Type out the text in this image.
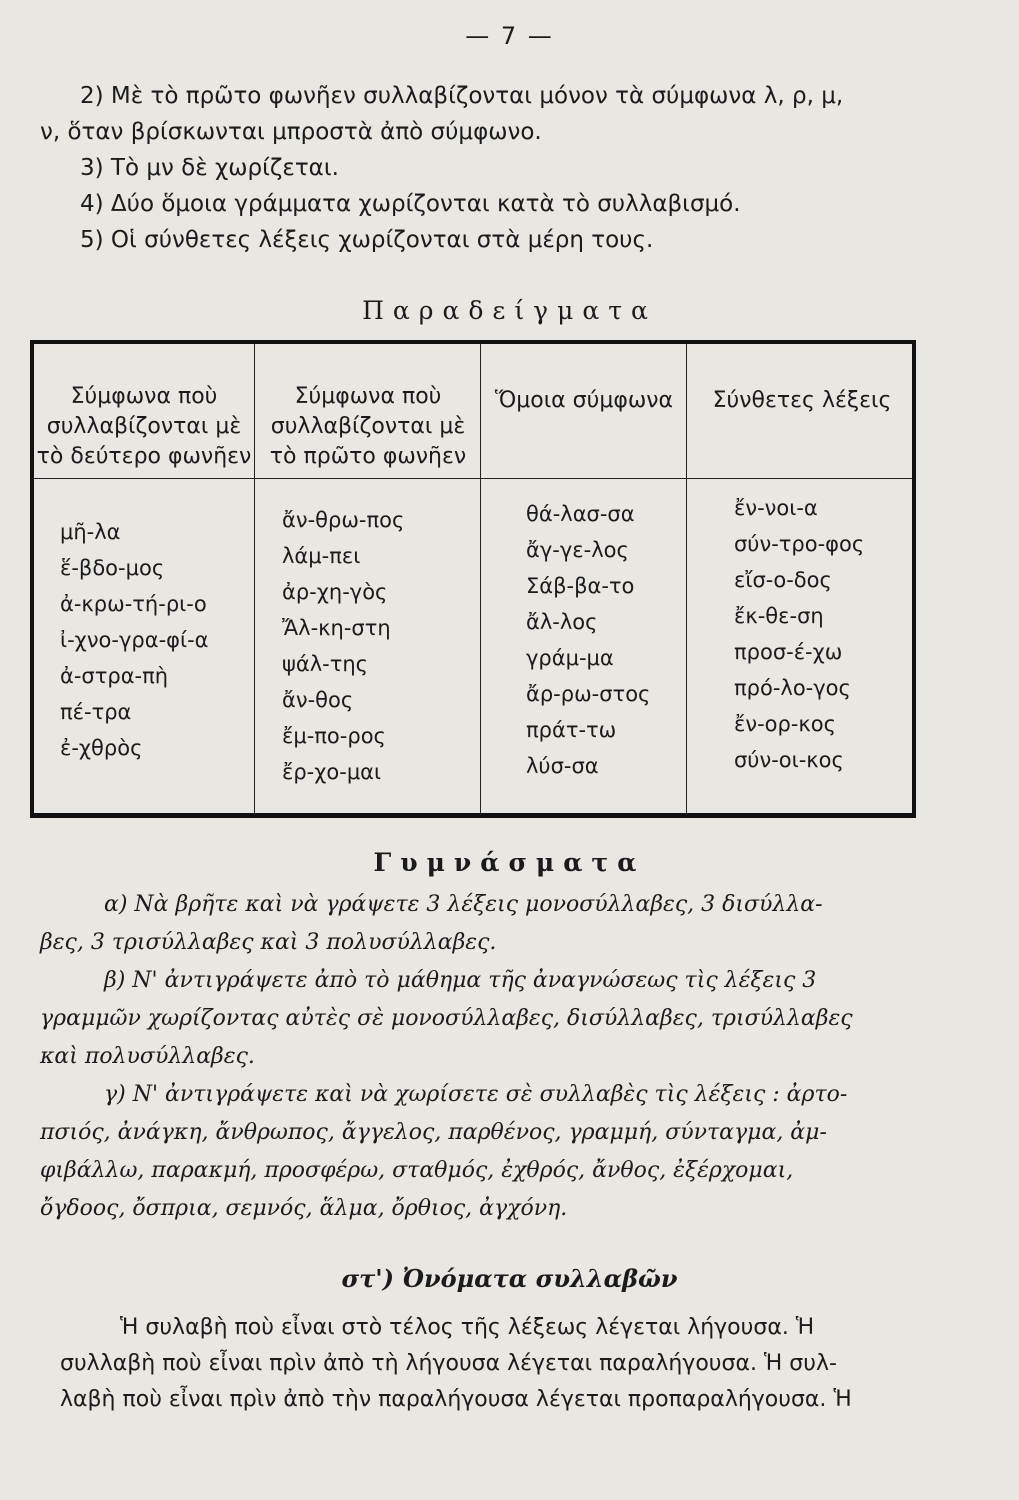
— 7 —
2) Μὲ τὸ πρῶτο φωνῆεν συλλαβίζονται μόνον τὰ σύμφωνα λ, ρ, μ,
ν, ὅταν βρίσκωνται μπροστὰ ἀπὸ σύμφωνο.
3) Τὸ μν δὲ χωρίζεται.
4) Δύο ὅμοια γράμματα χωρίζονται κατὰ τὸ συλλαβισμό.
5) Οἱ σύνθετες λέξεις χωρίζονται στὰ μέρη τους.
Παραδείγματα
Σύμφωνα ποὺ συλλαβίζονται μὲ τὸ δεύτερο φωνῆεν
Σύμφωνα ποὺ συλλαβίζονται μὲ τὸ πρῶτο φωνῆεν
Ὅμοια σύμφωνα	Σύνθετες λέξεις
μῆ-λα
ἕ-βδο-μος
ἀ-κρω-τή-ρι-ο
ἰ-χνο-γρα-φί-α
ἀ-στρα-πὴ
πέ-τρα
ἐ-χθρὸς
ἄν-θρω-πος
λάμ-πει
ἀρ-χη-γὸς
Ἄλ-κη-στη
ψάλ-της
ἄν-θος
ἔμ-πο-ρος
ἔρ-χο-μαι
θά-λασ-σα
ἄγ-γε-λος
Σάβ-βα-το
ἄλ-λος
γράμ-μα
ἄρ-ρω-στος
πράτ-τω
λύσ-σα
ἔν-νοι-α
σύν-τρο-φος
εἴσ-ο-δος
ἔκ-θε-ση
προσ-έ-χω
πρό-λο-γος
ἔν-ορ-κος
σύν-οι-κος
Γυμνάσματα
α) Νὰ βρῆτε καὶ νὰ γράψετε 3 λέξεις μονοσύλλαβες, 3 δισύλλα-
βες, 3 τρισύλλαβες καὶ 3 πολυσύλλαβες.
β) Ν' ἀντιγράψετε ἀπὸ τὸ μάθημα τῆς ἀναγνώσεως τὶς λέξεις 3
γραμμῶν χωρίζοντας αὐτὲς σὲ μονοσύλλαβες, δισύλλαβες, τρισύλλαβες
καὶ πολυσύλλαβες.
γ) Ν' ἀντιγράψετε καὶ νὰ χωρίσετε σὲ συλλαβὲς τὶς λέξεις : ἀρτο-
πσιός, ἀνάγκη, ἄνθρωπος, ἄγγελος, παρθένος, γραμμή, σύνταγμα, ἀμ-
φιβάλλω, παρακμή, προσφέρω, σταθμός, ἐχθρός, ἄνθος, ἐξέρχομαι,
ὄγδοος, ὄσπρια, σεμνός, ἅλμα, ὄρθιος, ἀγχόνη.
στ') Ὀνόματα συλλαβῶν
Ἡ συλαβὴ ποὺ εἶναι στὸ τέλος τῆς λέξεως λέγεται λήγουσα. Ἡ
συλλαβὴ ποὺ εἶναι πρὶν ἀπὸ τὴ λήγουσα λέγεται παραλήγουσα. Ἡ συλ-
λαβὴ ποὺ εἶναι πρὶν ἀπὸ τὴν παραλήγουσα λέγεται προπαραλήγουσα. Ἡ
